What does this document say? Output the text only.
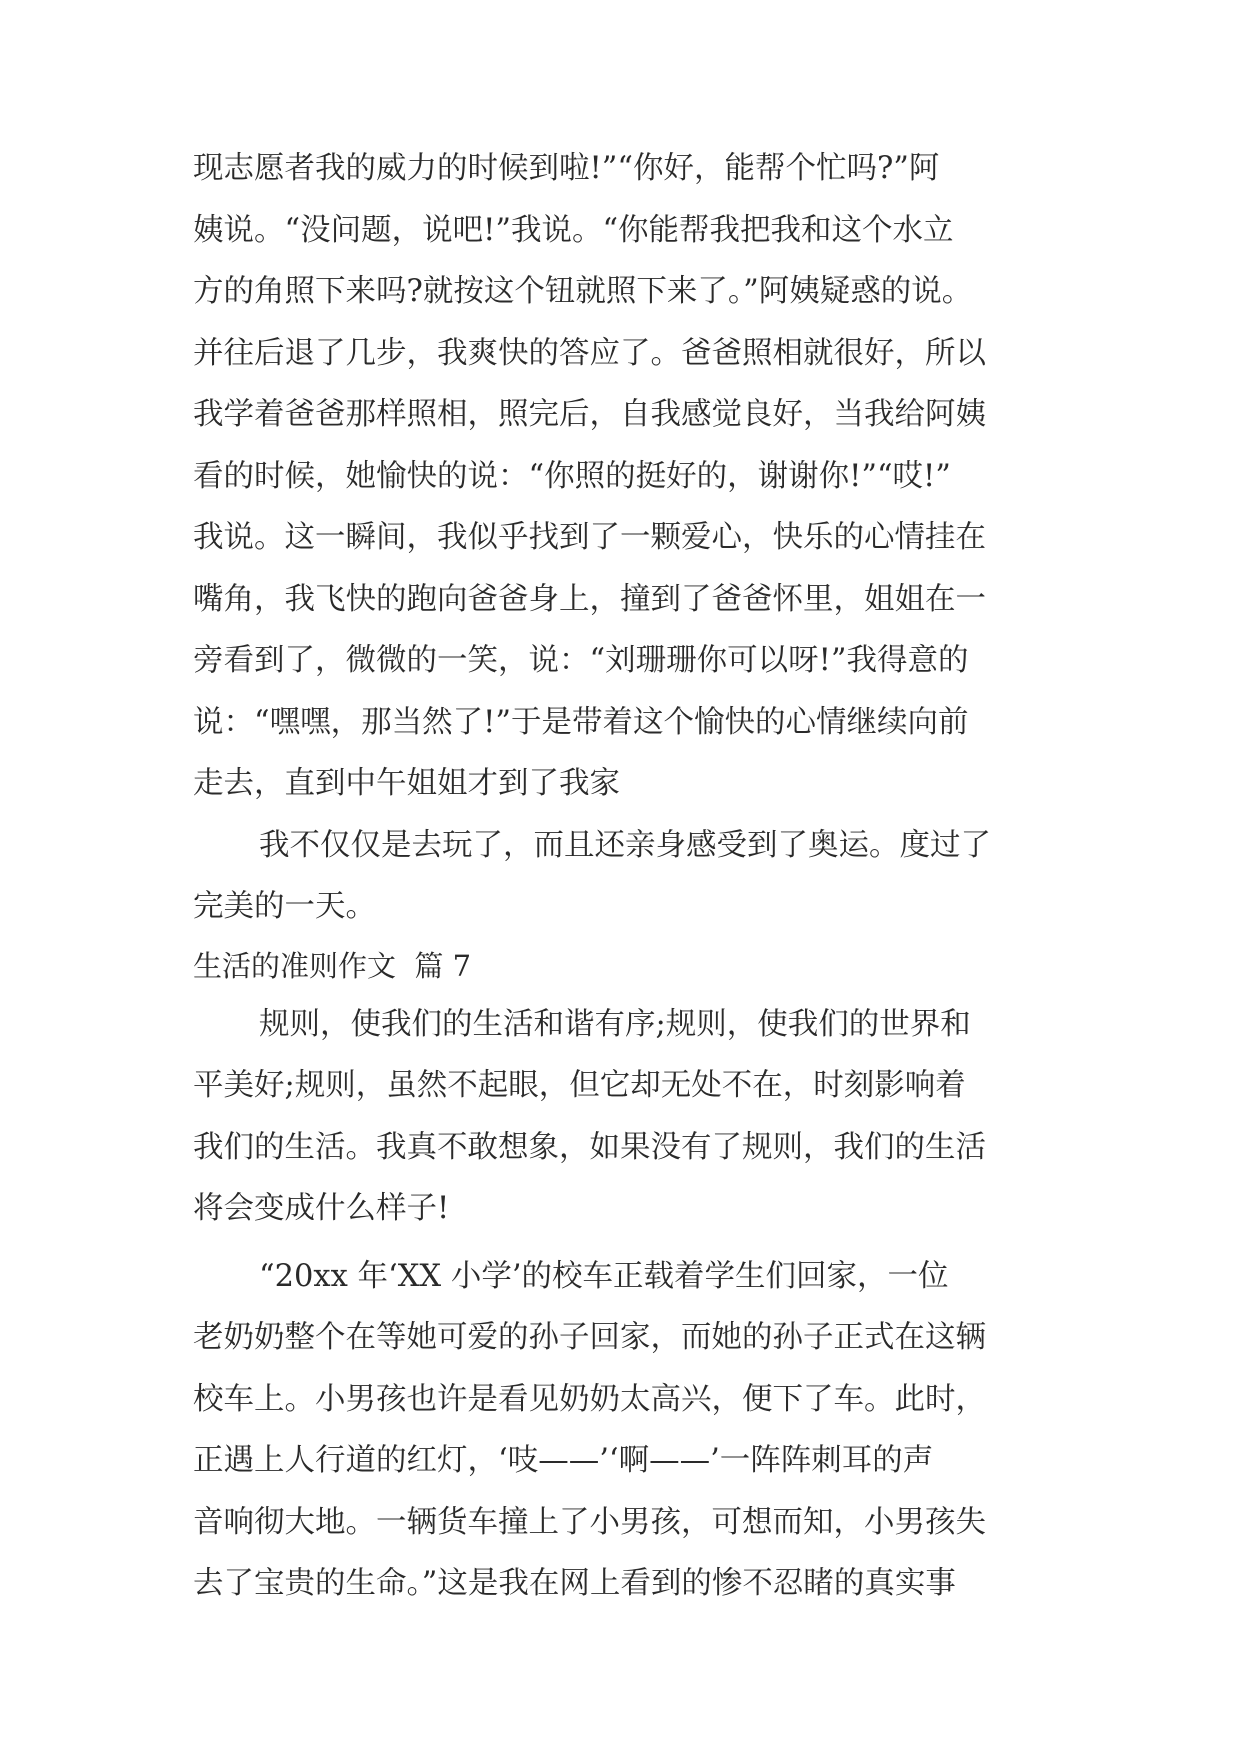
现志愿者我的威力的时候到啦!”“你好，能帮个忙吗?”阿
姨说。“没问题，说吧!”我说。“你能帮我把我和这个水立
方的角照下来吗?就按这个钮就照下来了。”阿姨疑惑的说。
并往后退了几步，我爽快的答应了。爸爸照相就很好，所以
我学着爸爸那样照相，照完后，自我感觉良好，当我给阿姨
看的时候，她愉快的说：“你照的挺好的，谢谢你!”“哎!”
我说。这一瞬间，我似乎找到了一颗爱心，快乐的心情挂在
嘴角，我飞快的跑向爸爸身上，撞到了爸爸怀里，姐姐在一
旁看到了，微微的一笑，说：“刘珊珊你可以呀!”我得意的
说：“嘿嘿，那当然了!”于是带着这个愉快的心情继续向前
走去，直到中午姐姐才到了我家
我不仅仅是去玩了，而且还亲身感受到了奥运。度过了
完美的一天。
生活的准则作文  篇 7
规则，使我们的生活和谐有序;规则，使我们的世界和
平美好;规则，虽然不起眼，但它却无处不在，时刻影响着
我们的生活。我真不敢想象，如果没有了规则，我们的生活
将会变成什么样子!
“20xx 年‘XX 小学’的校车正载着学生们回家，一位
老奶奶整个在等她可爱的孙子回家，而她的孙子正式在这辆
校车上。小男孩也许是看见奶奶太高兴，便下了车。此时，
正遇上人行道的红灯，‘吱——’‘啊——’一阵阵刺耳的声
音响彻大地。一辆货车撞上了小男孩，可想而知，小男孩失
去了宝贵的生命。”这是我在网上看到的惨不忍睹的真实事
